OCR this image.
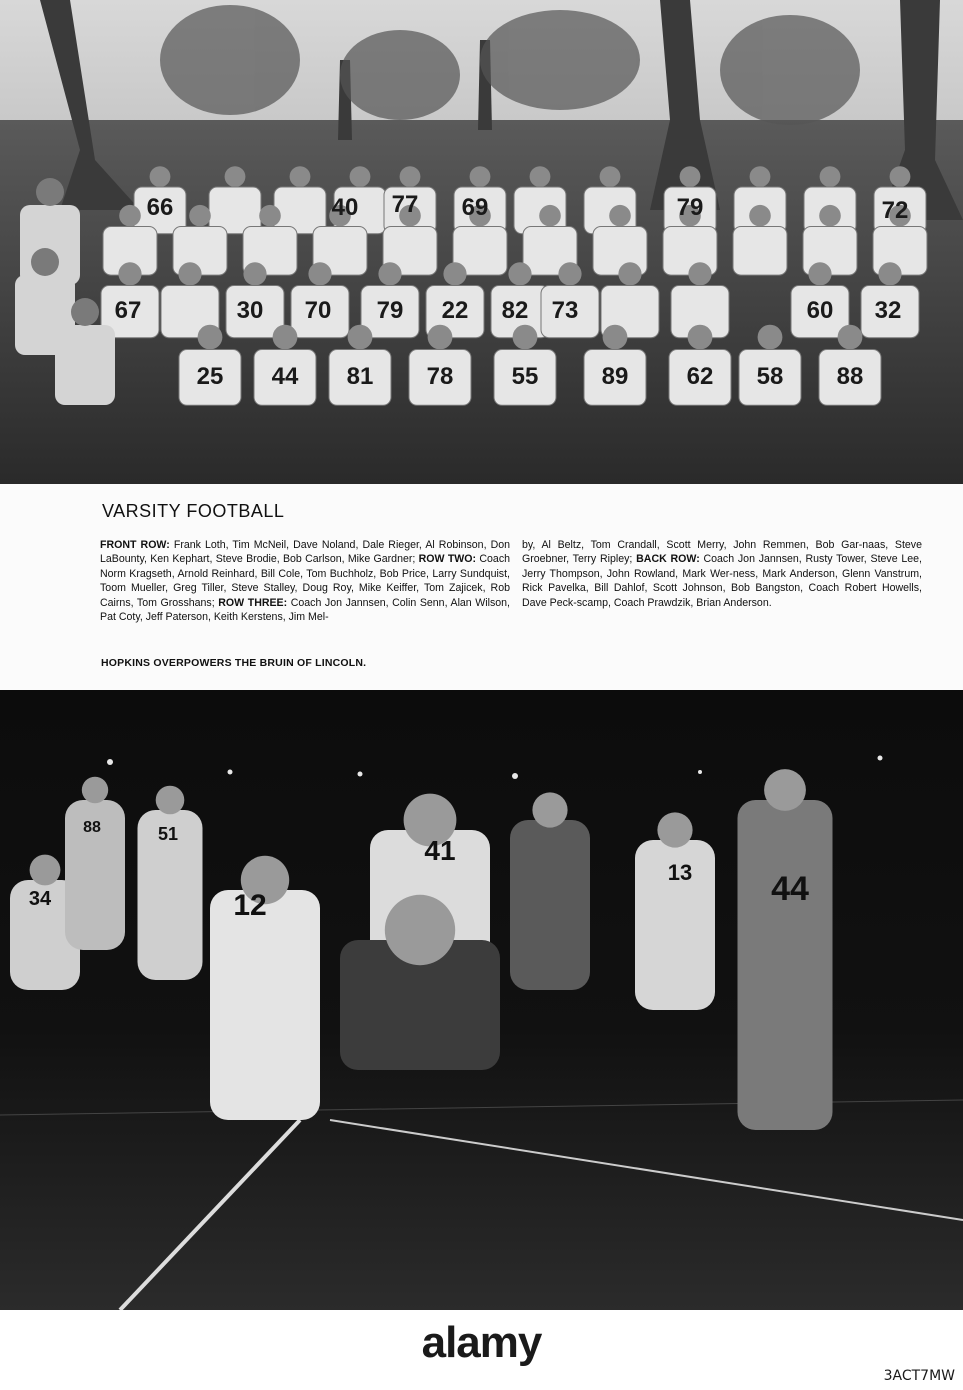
66	40 77 69	79	72
67	30 70 79 22 82 73	60 32
25 44 81 78 55	89 62 58 88
VARSITY FOOTBALL
FRONT ROW: Frank Loth, Tim McNeil, Dave Noland, Dale Rieger, Al Robinson, Don LaBounty, Ken Kephart, Steve Brodie, Bob Carlson, Mike Gardner; ROW TWO: Coach Norm Kragseth, Arnold Reinhard, Bill Cole, Tom Buchholz, Bob Price, Larry Sundquist, Toom Mueller, Greg Tiller, Steve Stalley, Doug Roy, Mike Keiffer, Tom Zajicek, Rob Cairns, Tom Grosshans; ROW THREE: Coach Jon Jannsen, Colin Senn, Alan Wilson, Pat Coty, Jeff Paterson, Keith Kerstens, Jim Mel-
by, Al Beltz, Tom Crandall, Scott Merry, John Remmen, Bob Gar-naas, Steve Groebner, Terry Ripley; BACK ROW: Coach Jon Jannsen, Rusty Tower, Steve Lee, Jerry Thompson, John Rowland, Mark Wer-ness, Mark Anderson, Glenn Vanstrum, Rick Pavelka, Bill Dahlof, Scott Johnson, Bob Bangston, Coach Robert Howells, Dave Peck-scamp, Coach Prawdzik, Brian Anderson.
HOPKINS OVERPOWERS THE BRUIN OF LINCOLN.
12
41
44
34
51
13
88
alamy
3ACT7MW
